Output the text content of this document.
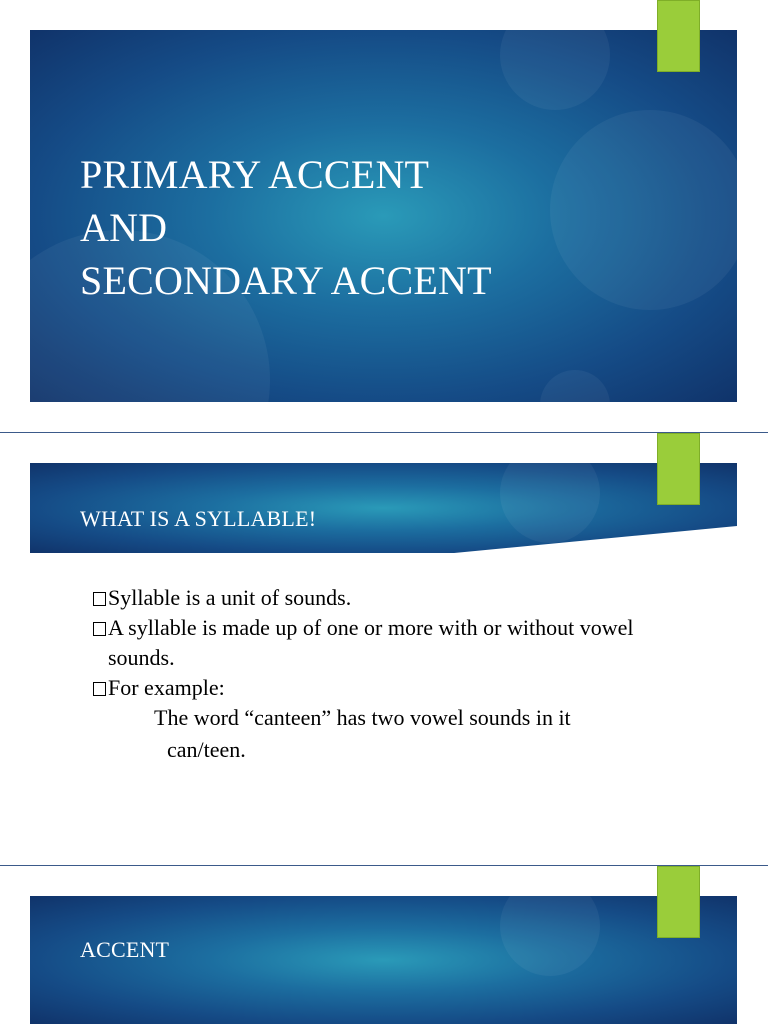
PRIMARY ACCENT
AND
SECONDARY ACCENT
WHAT IS A SYLLABLE!
Syllable is a unit of sounds.
A syllable is made up of one or more with or without vowel
sounds.
For example:

The word “canteen” has two vowel sounds in it

can/teen.

ACCENT
